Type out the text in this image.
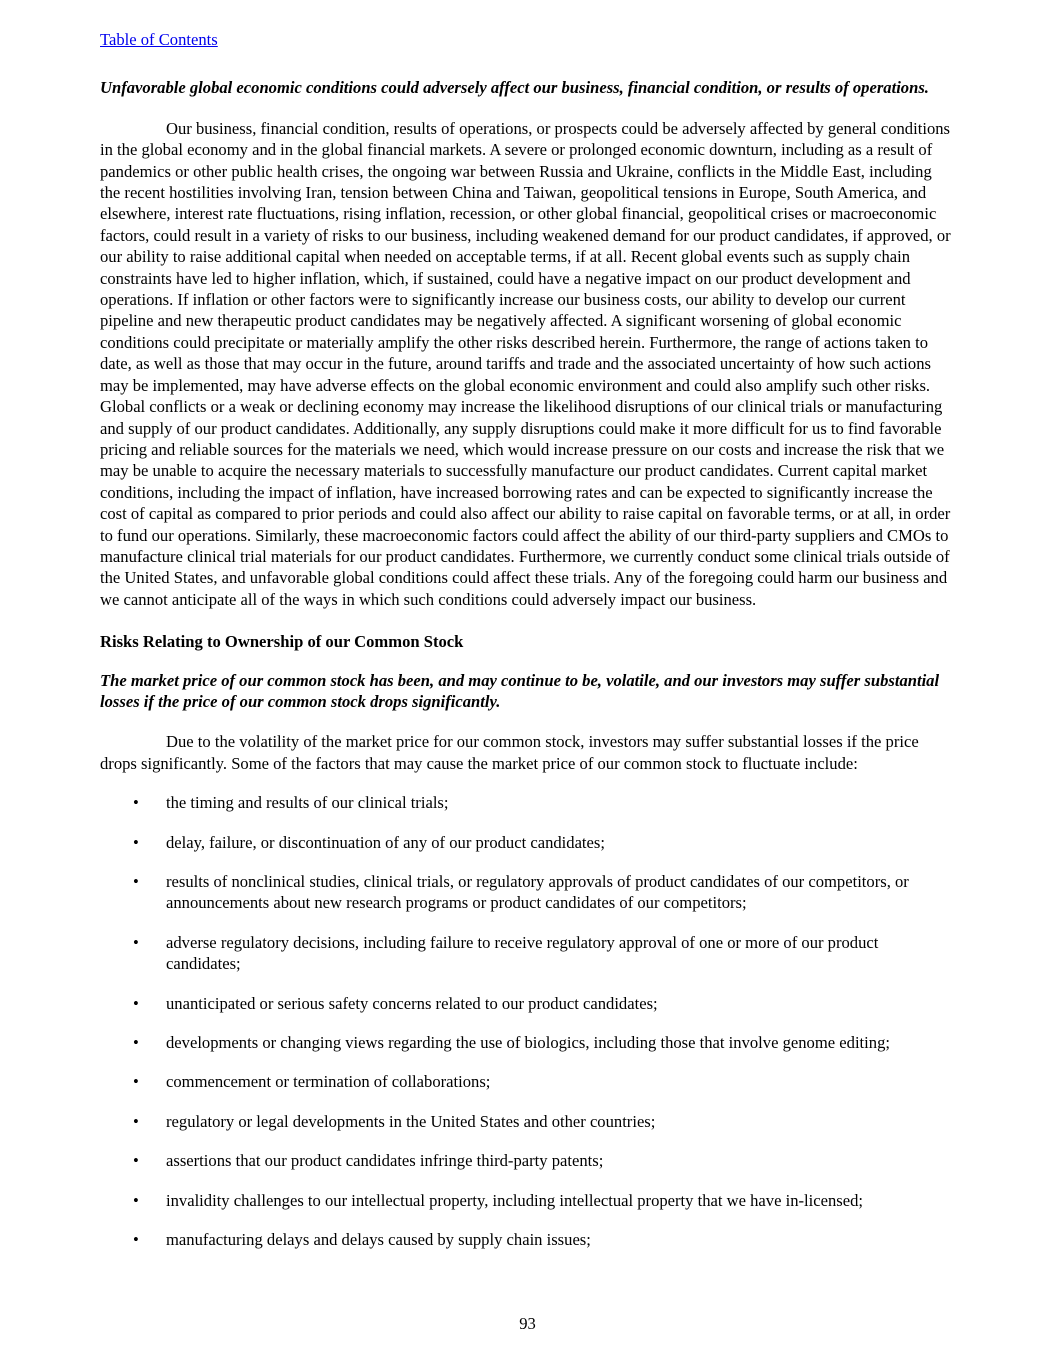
Table of Contents
Unfavorable global economic conditions could adversely affect our business, financial condition, or results of operations.

Our business, financial condition, results of operations, or prospects could be adversely affected by general conditions in the global economy and in the global financial markets. A severe or prolonged economic downturn, including as a result of pandemics or other public health crises, the ongoing war between Russia and Ukraine, conflicts in the Middle East, including the recent hostilities involving Iran, tension between China and Taiwan, geopolitical tensions in Europe, South America, and elsewhere, interest rate fluctuations, rising inflation, recession, or other global financial, geopolitical crises or macroeconomic factors, could result in a variety of risks to our business, including weakened demand for our product candidates, if approved, or our ability to raise additional capital when needed on acceptable terms, if at all. Recent global events such as supply chain constraints have led to higher inflation, which, if sustained, could have a negative impact on our product development and operations. If inflation or other factors were to significantly increase our business costs, our ability to develop our current pipeline and new therapeutic product candidates may be negatively affected. A significant worsening of global economic conditions could precipitate or materially amplify the other risks described herein. Furthermore, the range of actions taken to date, as well as those that may occur in the future, around tariffs and trade and the associated uncertainty of how such actions may be implemented, may have adverse effects on the global economic environment and could also amplify such other risks. Global conflicts or a weak or declining economy may increase the likelihood disruptions of our clinical trials or manufacturing and supply of our product candidates. Additionally, any supply disruptions could make it more difficult for us to find favorable pricing and reliable sources for the materials we need, which would increase pressure on our costs and increase the risk that we may be unable to acquire the necessary materials to successfully manufacture our product candidates. Current capital market conditions, including the impact of inflation, have increased borrowing rates and can be expected to significantly increase the cost of capital as compared to prior periods and could also affect our ability to raise capital on favorable terms, or at all, in order to fund our operations. Similarly, these macroeconomic factors could affect the ability of our third-party suppliers and CMOs to manufacture clinical trial materials for our product candidates. Furthermore, we currently conduct some clinical trials outside of the United States, and unfavorable global conditions could affect these trials. Any of the foregoing could harm our business and we cannot anticipate all of the ways in which such conditions could adversely impact our business.

Risks Relating to Ownership of our Common Stock
The market price of our common stock has been, and may continue to be, volatile, and our investors may suffer substantial losses if the price of our common stock drops significantly.

Due to the volatility of the market price for our common stock, investors may suffer substantial losses if the price drops significantly. Some of the factors that may cause the market price of our common stock to fluctuate include:

• the timing and results of our clinical trials;
• delay, failure, or discontinuation of any of our product candidates;
• results of nonclinical studies, clinical trials, or regulatory approvals of product candidates of our competitors, or announcements about new research programs or product candidates of our competitors;
• adverse regulatory decisions, including failure to receive regulatory approval of one or more of our product candidates;
• unanticipated or serious safety concerns related to our product candidates;
• developments or changing views regarding the use of biologics, including those that involve genome editing;
• commencement or termination of collaborations;
• regulatory or legal developments in the United States and other countries;
• assertions that our product candidates infringe third-party patents;
• invalidity challenges to our intellectual property, including intellectual property that we have in-licensed;
• manufacturing delays and delays caused by supply chain issues;
93
